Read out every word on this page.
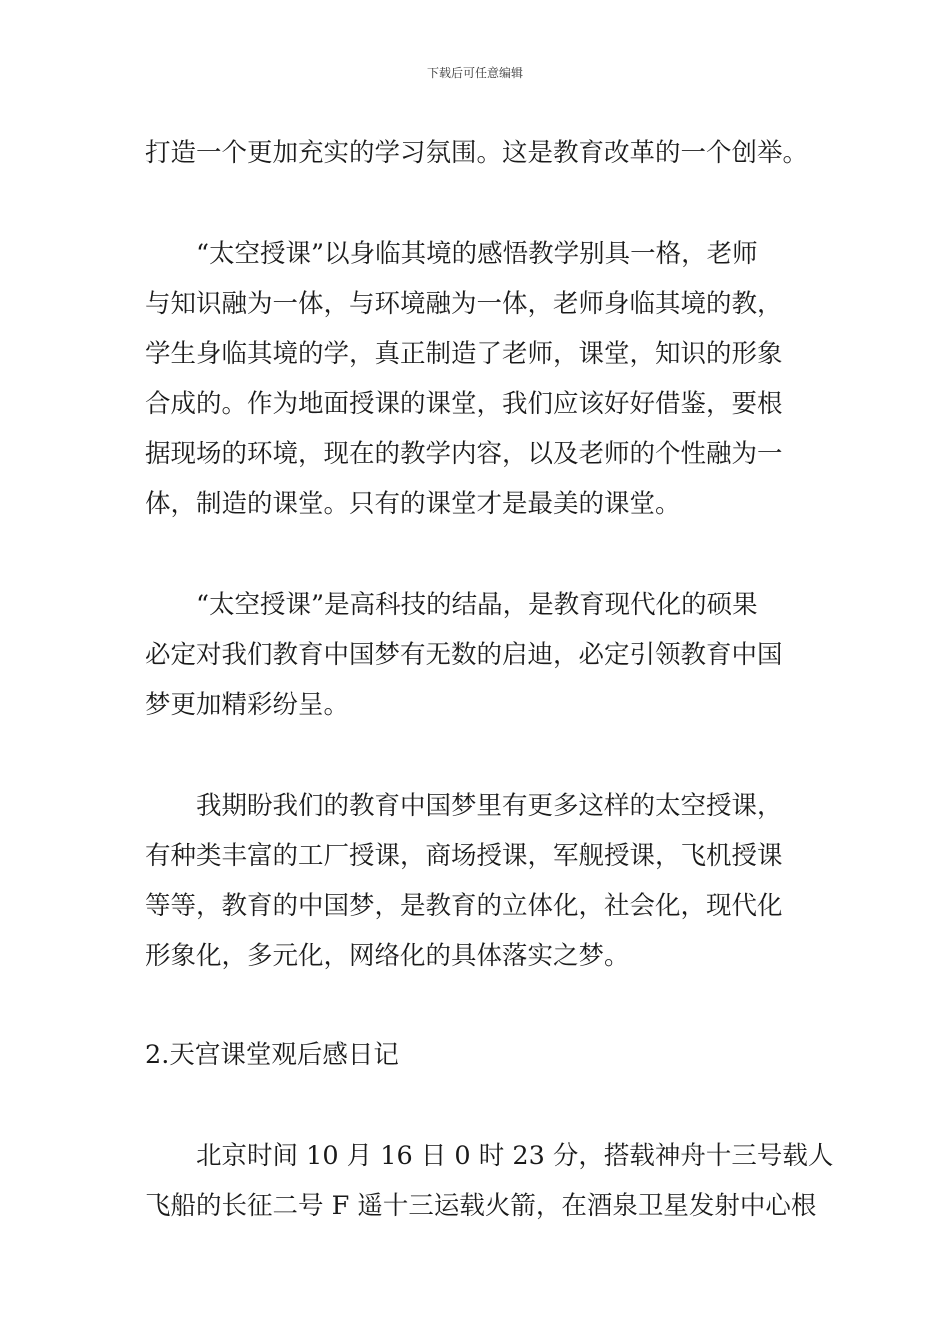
下载后可任意编辑
打造一个更加充实的学习氛围。这是教育改革的一个创举。
“太空授课”以身临其境的感悟教学别具一格，老师
与知识融为一体，与环境融为一体，老师身临其境的教，
学生身临其境的学，真正制造了老师，课堂，知识的形象
合成的。作为地面授课的课堂，我们应该好好借鉴，要根
据现场的环境，现在的教学内容，以及老师的个性融为一
体，制造的课堂。只有的课堂才是最美的课堂。
“太空授课”是高科技的结晶，是教育现代化的硕果
必定对我们教育中国梦有无数的启迪，必定引领教育中国
梦更加精彩纷呈。
我期盼我们的教育中国梦里有更多这样的太空授课，
有种类丰富的工厂授课，商场授课，军舰授课，飞机授课
等等，教育的中国梦，是教育的立体化，社会化，现代化
形象化，多元化，网络化的具体落实之梦。
2.天宫课堂观后感日记
北京时间 10 月 16 日 0 时 23 分，搭载神舟十三号载人
飞船的长征二号 F 遥十三运载火箭，在酒泉卫星发射中心根
